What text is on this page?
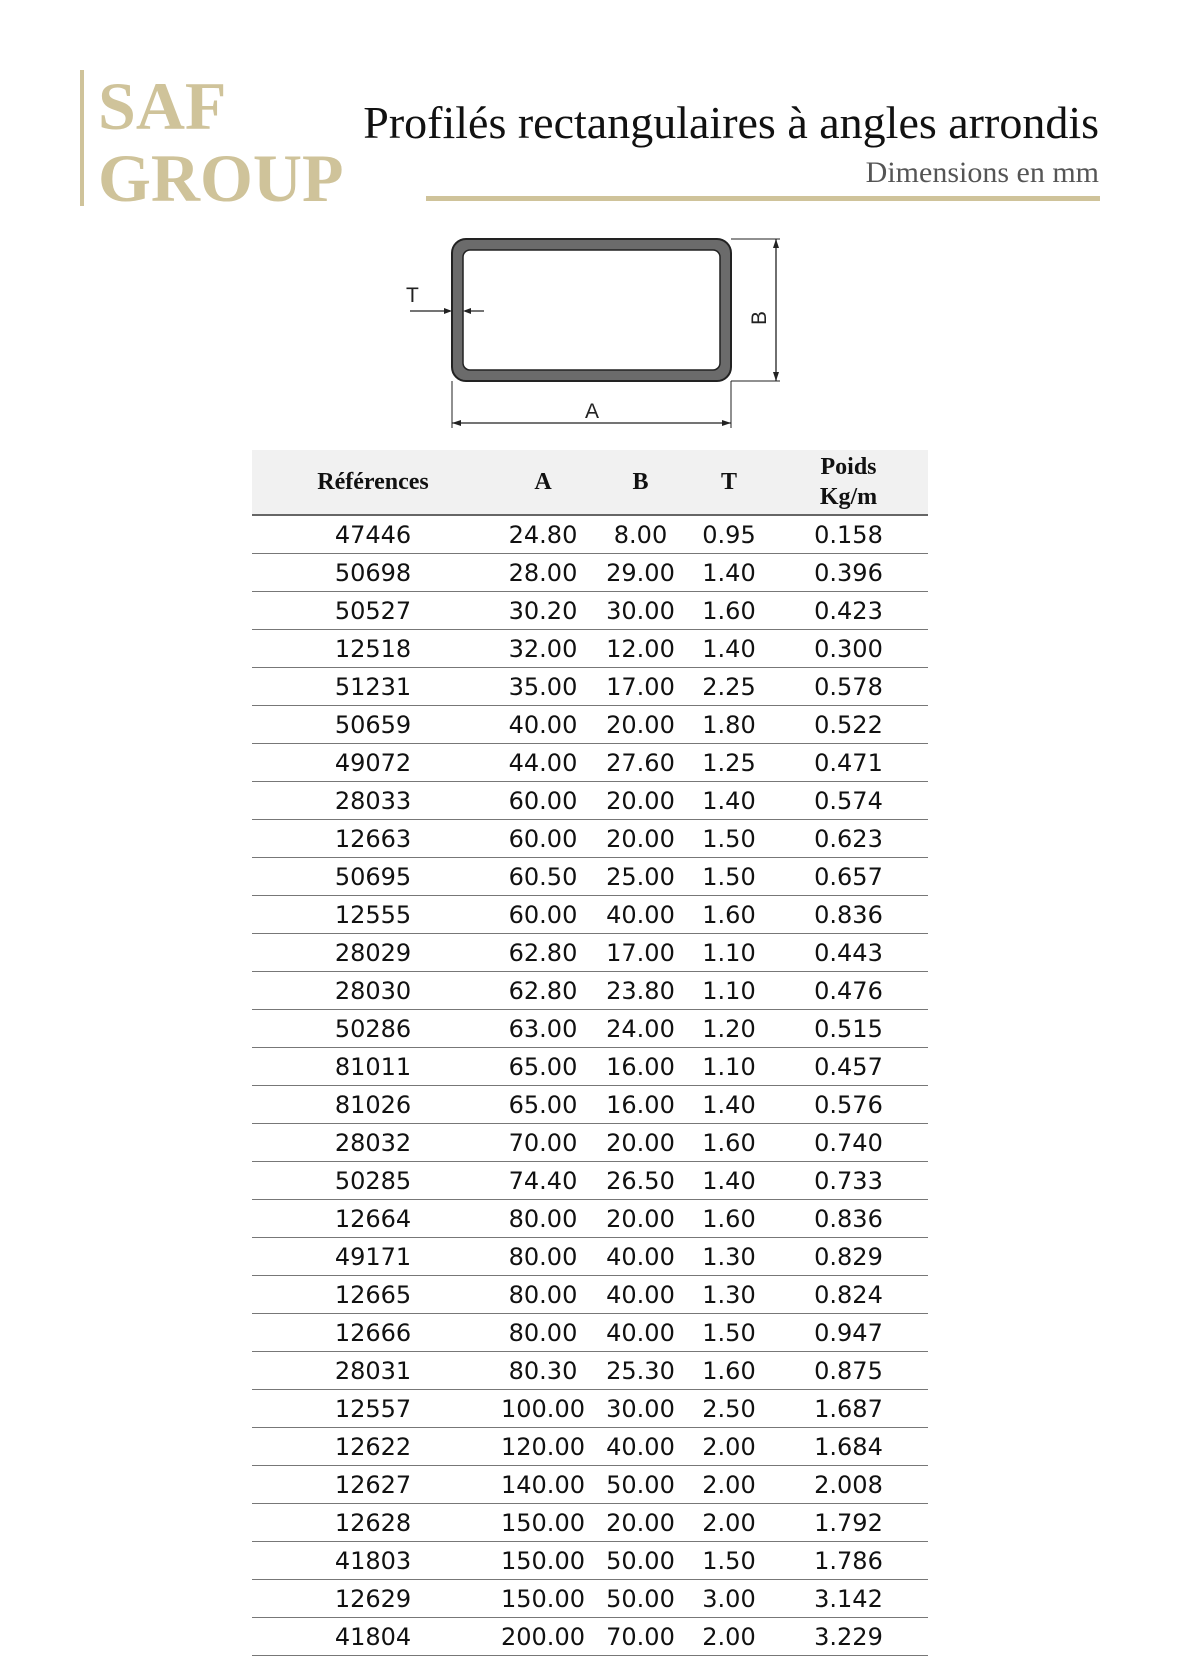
SAF
GROUP
Profilés rectangulaires à angles arrondis
Dimensions en mm
T
B
A
Références	A	B	T	Poids
Kg/m

47446	24.80	8.00	0.95	0.158
50698	28.00	29.00	1.40	0.396
50527	30.20	30.00	1.60	0.423
12518	32.00	12.00	1.40	0.300
51231	35.00	17.00	2.25	0.578
50659	40.00	20.00	1.80	0.522
49072	44.00	27.60	1.25	0.471
28033	60.00	20.00	1.40	0.574
12663	60.00	20.00	1.50	0.623
50695	60.50	25.00	1.50	0.657
12555	60.00	40.00	1.60	0.836
28029	62.80	17.00	1.10	0.443
28030	62.80	23.80	1.10	0.476
50286	63.00	24.00	1.20	0.515
81011	65.00	16.00	1.10	0.457
81026	65.00	16.00	1.40	0.576
28032	70.00	20.00	1.60	0.740
50285	74.40	26.50	1.40	0.733
12664	80.00	20.00	1.60	0.836
49171	80.00	40.00	1.30	0.829
12665	80.00	40.00	1.30	0.824
12666	80.00	40.00	1.50	0.947
28031	80.30	25.30	1.60	0.875
12557	100.00	30.00	2.50	1.687
12622	120.00	40.00	2.00	1.684
12627	140.00	50.00	2.00	2.008
12628	150.00	20.00	2.00	1.792
41803	150.00	50.00	1.50	1.786
12629	150.00	50.00	3.00	3.142
41804	200.00	70.00	2.00	3.229
